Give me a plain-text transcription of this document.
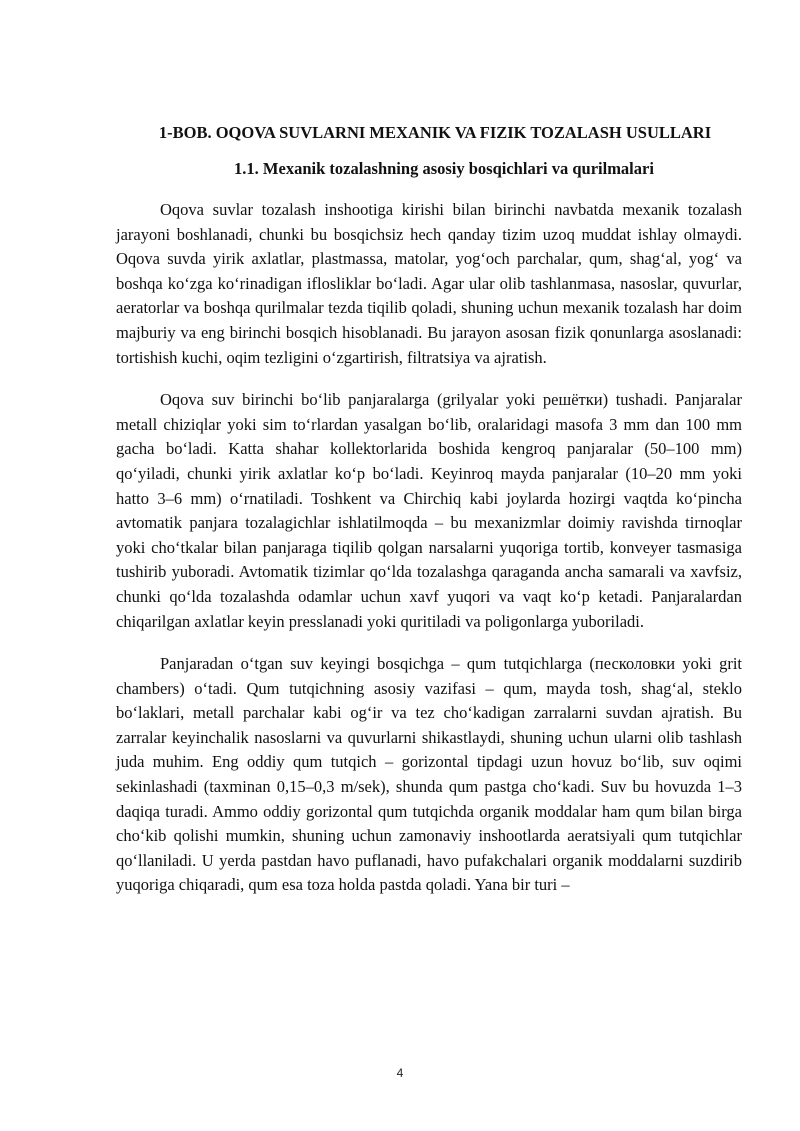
1-BOB. OQOVA SUVLARNI MEXANIK VA FIZIK TOZALASH USULLARI
1.1. Mexanik tozalashning asosiy bosqichlari va qurilmalari

Oqova suvlar tozalash inshootiga kirishi bilan birinchi navbatda mexanik tozalash jarayoni boshlanadi, chunki bu bosqichsiz hech qanday tizim uzoq muddat ishlay olmaydi. Oqova suvda yirik axlatlar, plastmassa, matolar, yog‘och parchalar, qum, shag‘al, yog‘ va boshqa ko‘zga ko‘rinadigan iflosliklar bo‘ladi. Agar ular olib tashlanmasa, nasoslar, quvurlar, aeratorlar va boshqa qurilmalar tezda tiqilib qoladi, shuning uchun mexanik tozalash har doim majburiy va eng birinchi bosqich hisoblanadi. Bu jarayon asosan fizik qonunlarga asoslanadi: tortishish kuchi, oqim tezligini o‘zgartirish, filtratsiya va ajratish.

Oqova suv birinchi bo‘lib panjaralarga (grilyalar yoki решётки) tushadi. Panjaralar metall chiziqlar yoki sim to‘rlardan yasalgan bo‘lib, oralaridagi masofa 3 mm dan 100 mm gacha bo‘ladi. Katta shahar kollektorlarida boshida kengroq panjaralar (50–100 mm) qo‘yiladi, chunki yirik axlatlar ko‘p bo‘ladi. Keyinroq mayda panjaralar (10–20 mm yoki hatto 3–6 mm) o‘rnatiladi. Toshkent va Chirchiq kabi joylarda hozirgi vaqtda ko‘pincha avtomatik panjara tozalagichlar ishlatilmoqda – bu mexanizmlar doimiy ravishda tirnoqlar yoki cho‘tkalar bilan panjaraga tiqilib qolgan narsalarni yuqoriga tortib, konveyer tasmasiga tushirib yuboradi. Avtomatik tizimlar qo‘lda tozalashga qaraganda ancha samarali va xavfsiz, chunki qo‘lda tozalashda odamlar uchun xavf yuqori va vaqt ko‘p ketadi. Panjaralardan chiqarilgan axlatlar keyin presslanadi yoki quritiladi va poligonlarga yuboriladi.

Panjaradan o‘tgan suv keyingi bosqichga – qum tutqichlarga (песколовки yoki grit chambers) o‘tadi. Qum tutqichning asosiy vazifasi – qum, mayda tosh, shag‘al, steklo bo‘laklari, metall parchalar kabi og‘ir va tez cho‘kadigan zarralarni suvdan ajratish. Bu zarralar keyinchalik nasoslarni va quvurlarni shikastlaydi, shuning uchun ularni olib tashlash juda muhim. Eng oddiy qum tutqich – gorizontal tipdagi uzun hovuz bo‘lib, suv oqimi sekinlashadi (taxminan 0,15–0,3 m/sek), shunda qum pastga cho‘kadi. Suv bu hovuzda 1–3 daqiqa turadi. Ammo oddiy gorizontal qum tutqichda organik moddalar ham qum bilan birga cho‘kib qolishi mumkin, shuning uchun zamonaviy inshootlarda aeratsiyali qum tutqichlar qo‘llaniladi. U yerda pastdan havo puflanadi, havo pufakchalari organik moddalarni suzdirib yuqoriga chiqaradi, qum esa toza holda pastda qoladi. Yana bir turi –

4
